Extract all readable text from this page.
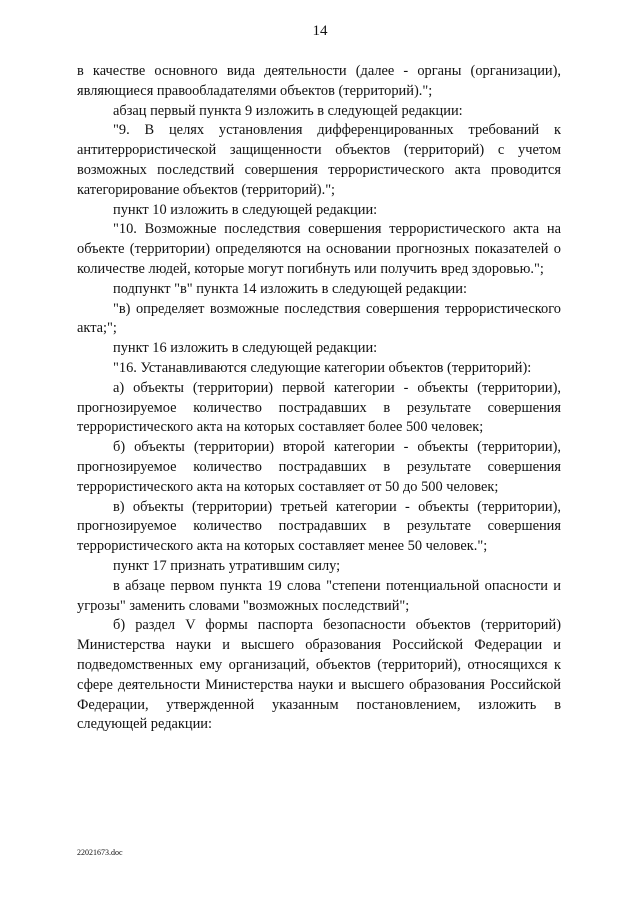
14

в качестве основного вида деятельности (далее - органы (организации), являющиеся правообладателями объектов (территорий).";

абзац первый пункта 9 изложить в следующей редакции:

"9. В целях установления дифференцированных требований к антитеррористической защищенности объектов (территорий) с учетом возможных последствий совершения террористического акта проводится категорирование объектов (территорий).";

пункт 10 изложить в следующей редакции:

"10. Возможные последствия совершения террористического акта на объекте (территории) определяются на основании прогнозных показателей о количестве людей, которые могут погибнуть или получить вред здоровью.";

подпункт "в" пункта 14 изложить в следующей редакции:

"в) определяет возможные последствия совершения террористического акта;";

пункт 16 изложить в следующей редакции:

"16. Устанавливаются следующие категории объектов (территорий):

а) объекты (территории) первой категории - объекты (территории), прогнозируемое количество пострадавших в результате совершения террористического акта на которых составляет более 500 человек;

б) объекты (территории) второй категории - объекты (территории), прогнозируемое количество пострадавших в результате совершения террористического акта на которых составляет от 50 до 500 человек;

в) объекты (территории) третьей категории - объекты (территории), прогнозируемое количество пострадавших в результате совершения террористического акта на которых составляет менее 50 человек.";

пункт 17 признать утратившим силу;

в абзаце первом пункта 19 слова "степени потенциальной опасности и угрозы" заменить словами "возможных последствий";

б) раздел V формы паспорта безопасности объектов (территорий) Министерства науки и высшего образования Российской Федерации и подведомственных ему организаций, объектов (территорий), относящихся к сфере деятельности Министерства науки и высшего образования Российской Федерации, утвержденной указанным постановлением, изложить в следующей редакции:

22021673.doc
